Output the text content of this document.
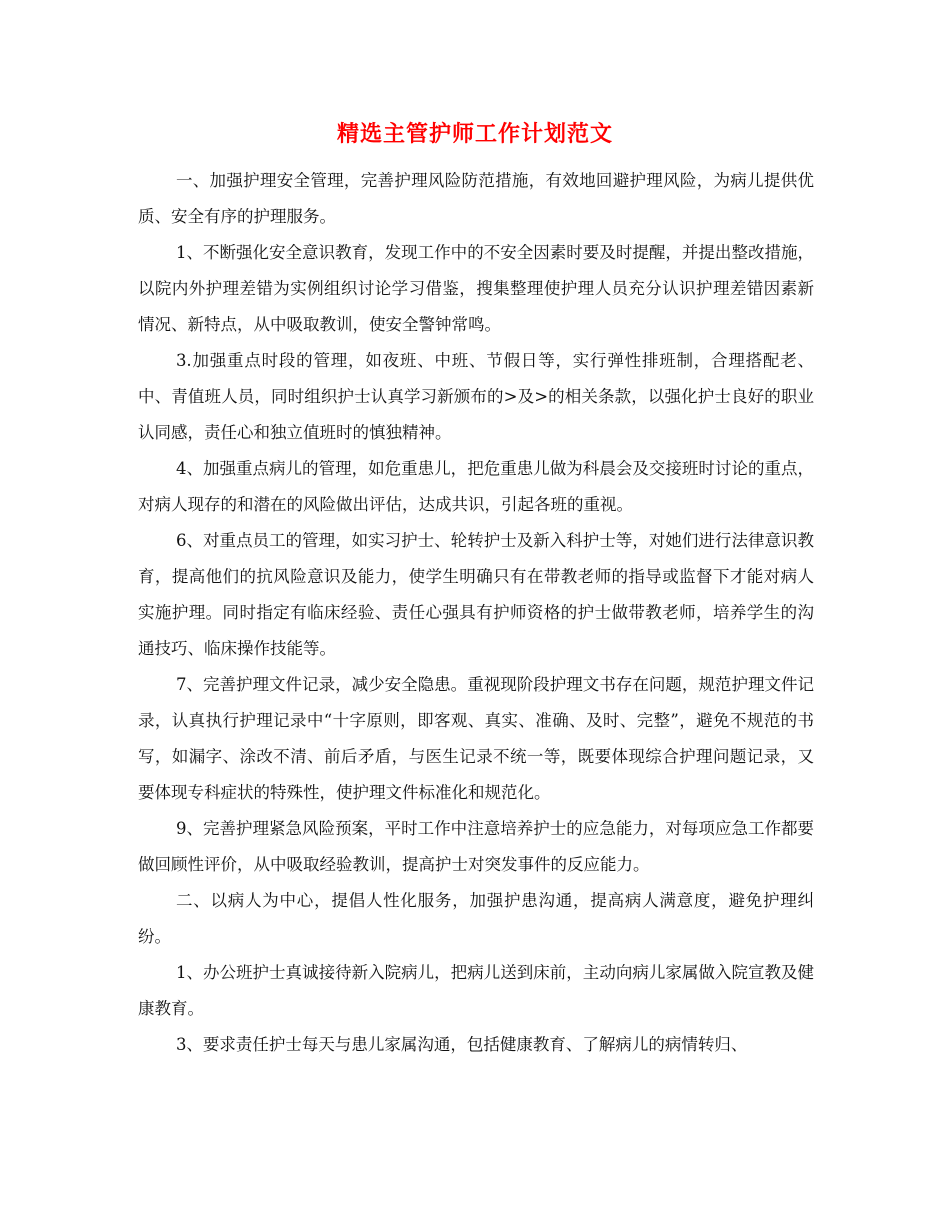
精选主管护师工作计划范文

一、加强护理安全管理，完善护理风险防范措施，有效地回避护理风险，为病儿提供优质、安全有序的护理服务。

1、不断强化安全意识教育，发现工作中的不安全因素时要及时提醒，并提出整改措施，以院内外护理差错为实例组织讨论学习借鉴，搜集整理使护理人员充分认识护理差错因素新情况、新特点，从中吸取教训，使安全警钟常鸣。

3.加强重点时段的管理，如夜班、中班、节假日等，实行弹性排班制，合理搭配老、中、青值班人员，同时组织护士认真学习新颁布的>及>的相关条款，以强化护士良好的职业认同感，责任心和独立值班时的慎独精神。

4、加强重点病儿的管理，如危重患儿，把危重患儿做为科晨会及交接班时讨论的重点，对病人现存的和潜在的风险做出评估，达成共识，引起各班的重视。

6、对重点员工的管理，如实习护士、轮转护士及新入科护士等，对她们进行法律意识教育，提高他们的抗风险意识及能力，使学生明确只有在带教老师的指导或监督下才能对病人实施护理。同时指定有临床经验、责任心强具有护师资格的护士做带教老师，培养学生的沟通技巧、临床操作技能等。

7、完善护理文件记录，减少安全隐患。重视现阶段护理文书存在问题，规范护理文件记录，认真执行护理记录中“十字原则，即客观、真实、准确、及时、完整”，避免不规范的书写，如漏字、涂改不清、前后矛盾，与医生记录不统一等，既要体现综合护理问题记录，又要体现专科症状的特殊性，使护理文件标准化和规范化。

9、完善护理紧急风险预案，平时工作中注意培养护士的应急能力，对每项应急工作都要做回顾性评价，从中吸取经验教训，提高护士对突发事件的反应能力。

二、以病人为中心，提倡人性化服务，加强护患沟通，提高病人满意度，避免护理纠纷。

1、办公班护士真诚接待新入院病儿，把病儿送到床前，主动向病儿家属做入院宣教及健康教育。

3、要求责任护士每天与患儿家属沟通，包括健康教育、了解病儿的病情转归、
